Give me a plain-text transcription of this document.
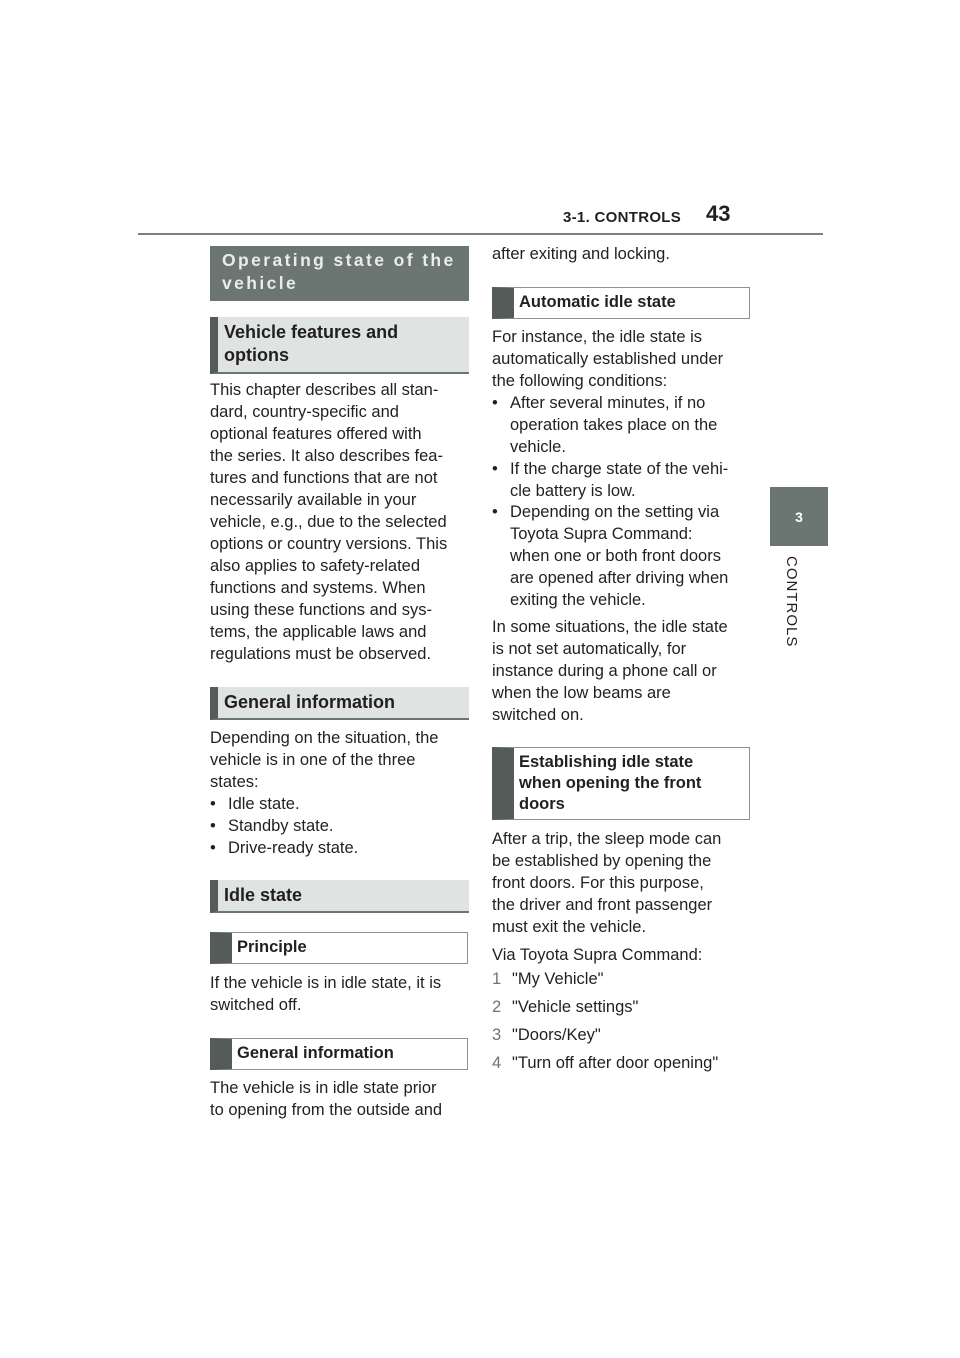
3-1. CONTROLS 43
3
CONTROLS
Operating state of the vehicle
Vehicle features and options
This chapter describes all stan-
dard, country-specific and
optional features offered with
the series. It also describes fea-
tures and functions that are not
necessarily available in your
vehicle, e.g., due to the selected
options or country versions. This
also applies to safety-related
functions and systems. When
using these functions and sys-
tems, the applicable laws and
regulations must be observed.
General information
Depending on the situation, the
vehicle is in one of the three
states:
• Idle state.
• Standby state.
• Drive-ready state.
Idle state
Principle
If the vehicle is in idle state, it is
switched off.
General information
The vehicle is in idle state prior
to opening from the outside and
after exiting and locking.
Automatic idle state
For instance, the idle state is
automatically established under
the following conditions:
• After several minutes, if no
operation takes place on the
vehicle.
• If the charge state of the vehi-
cle battery is low.
• Depending on the setting via
Toyota Supra Command:
when one or both front doors
are opened after driving when
exiting the vehicle.
In some situations, the idle state
is not set automatically, for
instance during a phone call or
when the low beams are
switched on.
Establishing idle state
when opening the front
doors
After a trip, the sleep mode can
be established by opening the
front doors. For this purpose,
the driver and front passenger
must exit the vehicle.
Via Toyota Supra Command:
1 "My Vehicle"
2 "Vehicle settings"
3 "Doors/Key"
4 "Turn off after door opening"
